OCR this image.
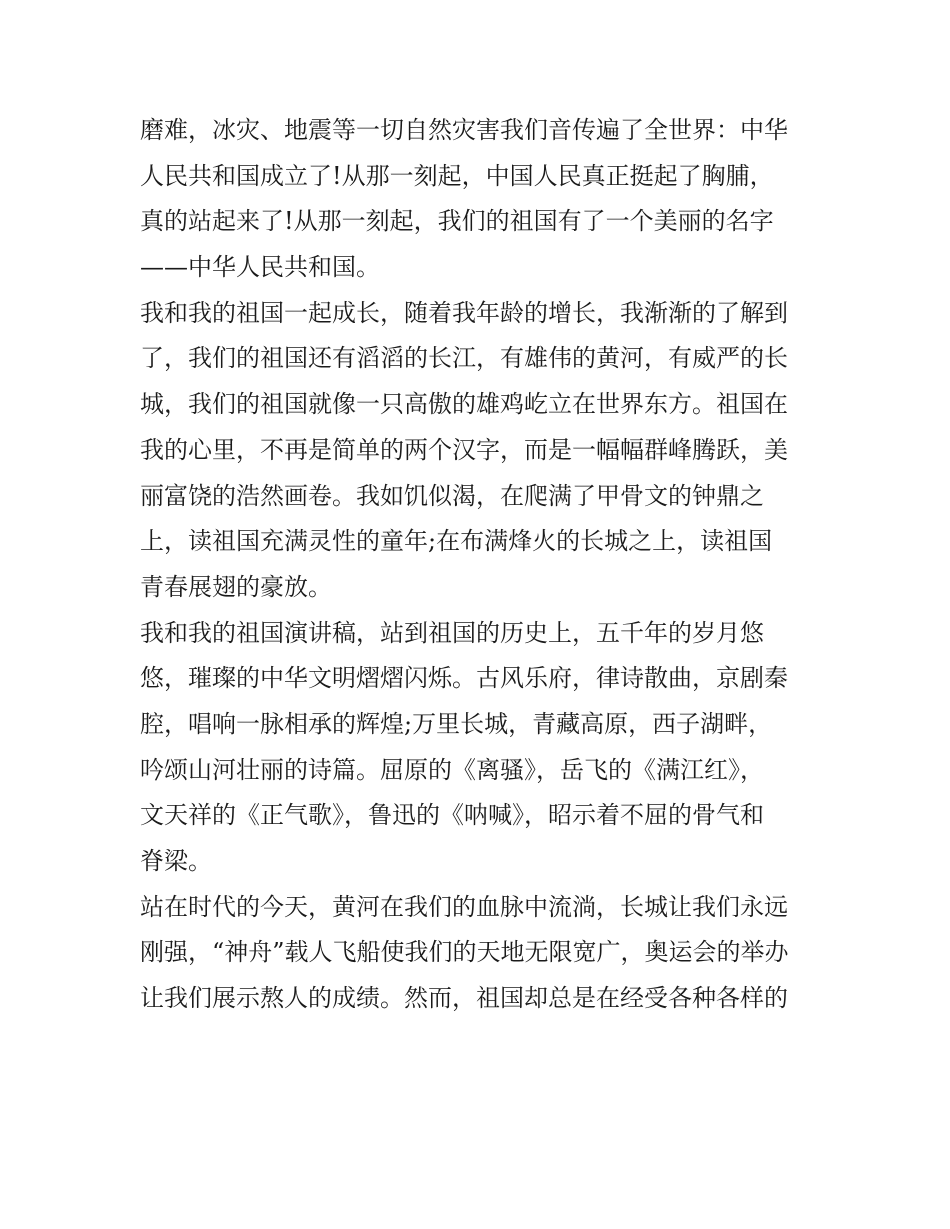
磨难，冰灾、地震等一切自然灾害我们音传遍了全世界：中华
人民共和国成立了!从那一刻起，中国人民真正挺起了胸脯，
真的站起来了!从那一刻起，我们的祖国有了一个美丽的名字
——中华人民共和国。
我和我的祖国一起成长，随着我年龄的增长，我渐渐的了解到
了，我们的祖国还有滔滔的长江，有雄伟的黄河，有威严的长
城，我们的祖国就像一只高傲的雄鸡屹立在世界东方。祖国在
我的心里，不再是简单的两个汉字，而是一幅幅群峰腾跃，美
丽富饶的浩然画卷。我如饥似渴，在爬满了甲骨文的钟鼎之
上，读祖国充满灵性的童年;在布满烽火的长城之上，读祖国
青春展翅的豪放。
我和我的祖国演讲稿，站到祖国的历史上，五千年的岁月悠
悠，璀璨的中华文明熠熠闪烁。古风乐府，律诗散曲，京剧秦
腔，唱响一脉相承的辉煌;万里长城，青藏高原，西子湖畔，
吟颂山河壮丽的诗篇。屈原的《离骚》，岳飞的《满江红》，
文天祥的《正气歌》，鲁迅的《呐喊》，昭示着不屈的骨气和
脊梁。
站在时代的今天，黄河在我们的血脉中流淌，长城让我们永远
刚强，“神舟”载人飞船使我们的天地无限宽广，奥运会的举办
让我们展示熬人的成绩。然而，祖国却总是在经受各种各样的
